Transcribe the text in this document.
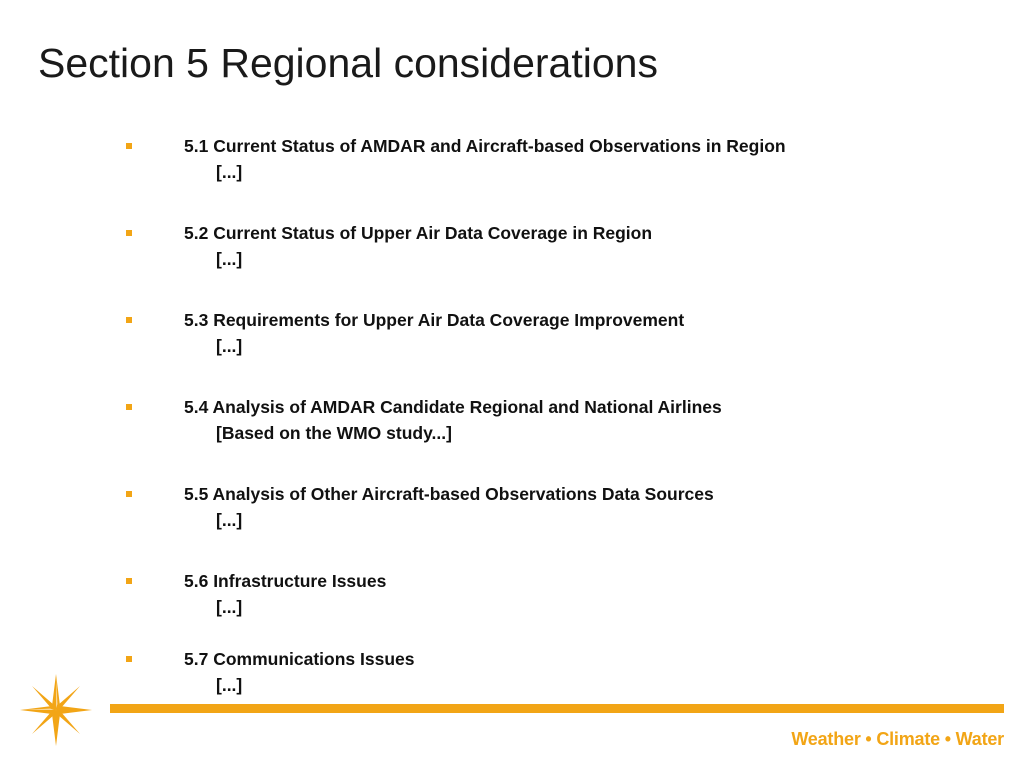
Section 5 Regional considerations
5.1 Current Status of AMDAR and Aircraft-based Observations in Region
[...]
5.2 Current Status of Upper Air Data Coverage in Region
[...]
5.3 Requirements for Upper Air Data Coverage Improvement
[...]
5.4 Analysis of AMDAR Candidate Regional and National Airlines
[Based on the WMO study...]
5.5 Analysis of Other Aircraft-based Observations Data Sources
[...]
5.6 Infrastructure Issues
[...]
5.7 Communications Issues
[...]
Weather • Climate • Water
